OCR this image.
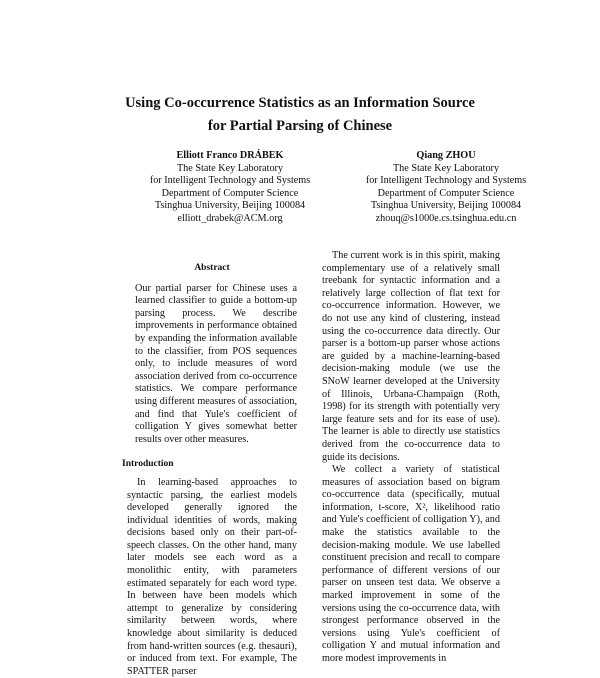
Using Co-occurrence Statistics as an Information Source
for Partial Parsing of Chinese
Elliott Franco DRÁBEK
The State Key Laboratory
for Intelligent Technology and Systems
Department of Computer Science
Tsinghua University, Beijing 100084
elliott_drabek@ACM.org
Qiang ZHOU
The State Key Laboratory
for Intelligent Technology and Systems
Department of Computer Science
Tsinghua University, Beijing 100084
zhouq@s1000e.cs.tsinghua.edu.cn
Abstract

Our partial parser for Chinese uses a learned classifier to guide a bottom-up parsing process. We describe improvements in performance obtained by expanding the information available to the classifier, from POS sequences only, to include measures of word association derived from co-occurrence statistics. We compare performance using different measures of association, and find that Yule's coefficient of colligation Y gives somewhat better results over other measures.

Introduction

In learning-based approaches to syntactic parsing, the earliest models developed generally ignored the individual identities of words, making decisions based only on their part-of-speech classes. On the other hand, many later models see each word as a monolithic entity, with parameters estimated separately for each word type. In between have been models which attempt to generalize by considering similarity between words, where knowledge about similarity is deduced from hand-written sources (e.g. thesauri), or induced from text. For example, The SPATTER parser

The current work is in this spirit, making complementary use of a relatively small treebank for syntactic information and a relatively large collection of flat text for co-occurrence information. However, we do not use any kind of clustering, instead using the co-occurrence data directly. Our parser is a bottom-up parser whose actions are guided by a machine-learning-based decision-making module (we use the SNoW learner developed at the University of Illinois, Urbana-Champaign (Roth, 1998) for its strength with potentially very large feature sets and for its ease of use). The learner is able to directly use statistics derived from the co-occurrence data to guide its decisions.

We collect a variety of statistical measures of association based on bigram co-occurrence data (specifically, mutual information, t-score, X², likelihood ratio and Yule's coefficient of colligation Y), and make the statistics available to the decision-making module. We use labelled constituent precision and recall to compare performance of different versions of our parser on unseen test data. We observe a marked improvement in some of the versions using the co-occurrence data, with strongest performance observed in the versions using Yule's coefficient of colligation Y and mutual information and more modest improvements in
